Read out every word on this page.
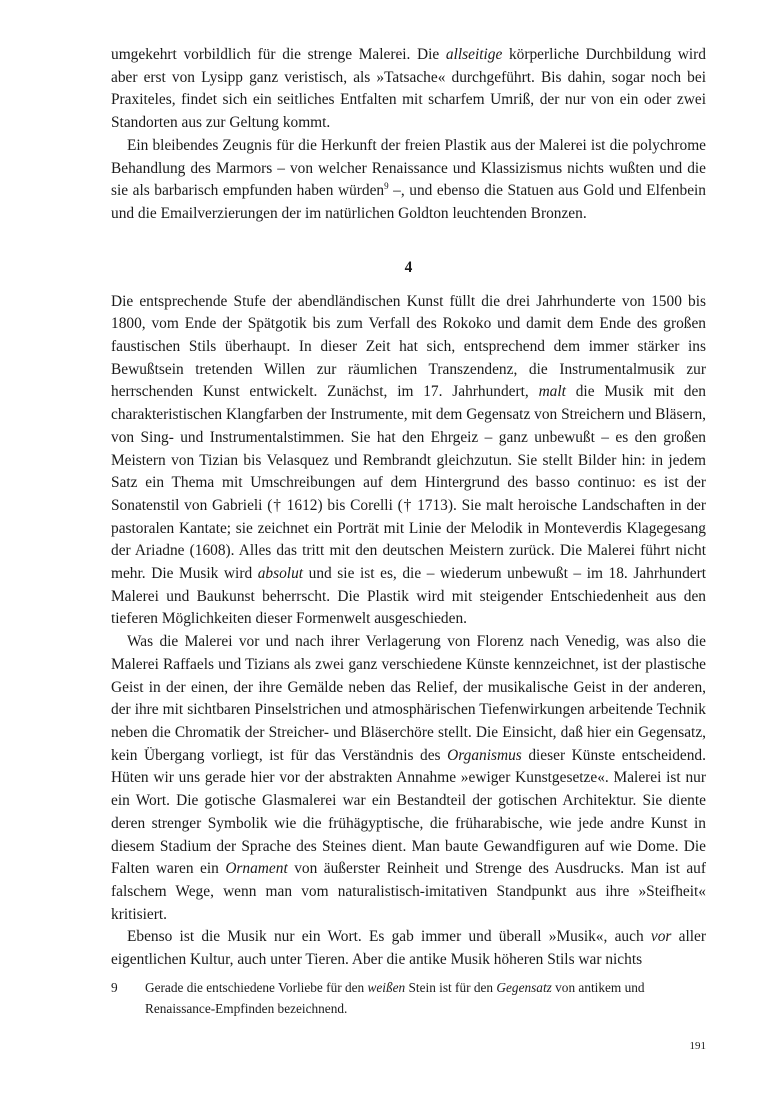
umgekehrt vorbildlich für die strenge Malerei. Die allseitige körperliche Durchbildung wird aber erst von Lysipp ganz veristisch, als »Tatsache« durchgeführt. Bis dahin, sogar noch bei Praxiteles, findet sich ein seitliches Entfalten mit scharfem Umriß, der nur von ein oder zwei Standorten aus zur Geltung kommt.

Ein bleibendes Zeugnis für die Herkunft der freien Plastik aus der Malerei ist die polychrome Behandlung des Marmors – von welcher Renaissance und Klassizismus nichts wußten und die sie als barbarisch empfunden haben würden$^9$ –, und ebenso die Statuen aus Gold und Elfenbein und die Emailverzierungen der im natürlichen Goldton leuchtenden Bronzen.

4

Die entsprechende Stufe der abendländischen Kunst füllt die drei Jahrhunderte von 1500 bis 1800, vom Ende der Spätgotik bis zum Verfall des Rokoko und damit dem Ende des großen faustischen Stils überhaupt. In dieser Zeit hat sich, entsprechend dem immer stärker ins Bewußtsein tretenden Willen zur räumlichen Transzendenz, die Instrumentalmusik zur herrschenden Kunst entwickelt. Zunächst, im 17. Jahrhundert, malt die Musik mit den charakteristischen Klangfarben der Instrumente, mit dem Gegensatz von Streichern und Bläsern, von Sing- und Instrumentalstimmen. Sie hat den Ehrgeiz – ganz unbewußt – es den großen Meistern von Tizian bis Velasquez und Rembrandt gleichzutun. Sie stellt Bilder hin: in jedem Satz ein Thema mit Umschreibungen auf dem Hintergrund des basso continuo: es ist der Sonatenstil von Gabrieli († 1612) bis Corelli († 1713). Sie malt heroische Landschaften in der pastoralen Kantate; sie zeichnet ein Porträt mit Linie der Melodik in Monteverdis Klagegesang der Ariadne (1608). Alles das tritt mit den deutschen Meistern zurück. Die Malerei führt nicht mehr. Die Musik wird absolut und sie ist es, die – wiederum unbewußt – im 18. Jahrhundert Malerei und Baukunst beherrscht. Die Plastik wird mit steigender Entschiedenheit aus den tieferen Möglichkeiten dieser Formenwelt ausgeschieden.

Was die Malerei vor und nach ihrer Verlagerung von Florenz nach Venedig, was also die Malerei Raffaels und Tizians als zwei ganz verschiedene Künste kennzeichnet, ist der plastische Geist in der einen, der ihre Gemälde neben das Relief, der musikalische Geist in der anderen, der ihre mit sichtbaren Pinselstrichen und atmosphärischen Tiefenwirkungen arbeitende Technik neben die Chromatik der Streicher- und Bläserchöre stellt. Die Einsicht, daß hier ein Gegensatz, kein Übergang vorliegt, ist für das Verständnis des Organismus dieser Künste entscheidend. Hüten wir uns gerade hier vor der abstrakten Annahme »ewiger Kunstgesetze«. Malerei ist nur ein Wort. Die gotische Glasmalerei war ein Bestandteil der gotischen Architektur. Sie diente deren strenger Symbolik wie die frühägyptische, die früharabische, wie jede andre Kunst in diesem Stadium der Sprache des Steines dient. Man baute Gewandfiguren auf wie Dome. Die Falten waren ein Ornament von äußerster Reinheit und Strenge des Ausdrucks. Man ist auf falschem Wege, wenn man vom naturalistisch-imitativen Standpunkt aus ihre »Steifheit« kritisiert.

Ebenso ist die Musik nur ein Wort. Es gab immer und überall »Musik«, auch vor aller eigentlichen Kultur, auch unter Tieren. Aber die antike Musik höheren Stils war nichts

9	Gerade die entschiedene Vorliebe für den weißen Stein ist für den Gegensatz von antikem und Renaissance-Empfinden bezeichnend.
191
